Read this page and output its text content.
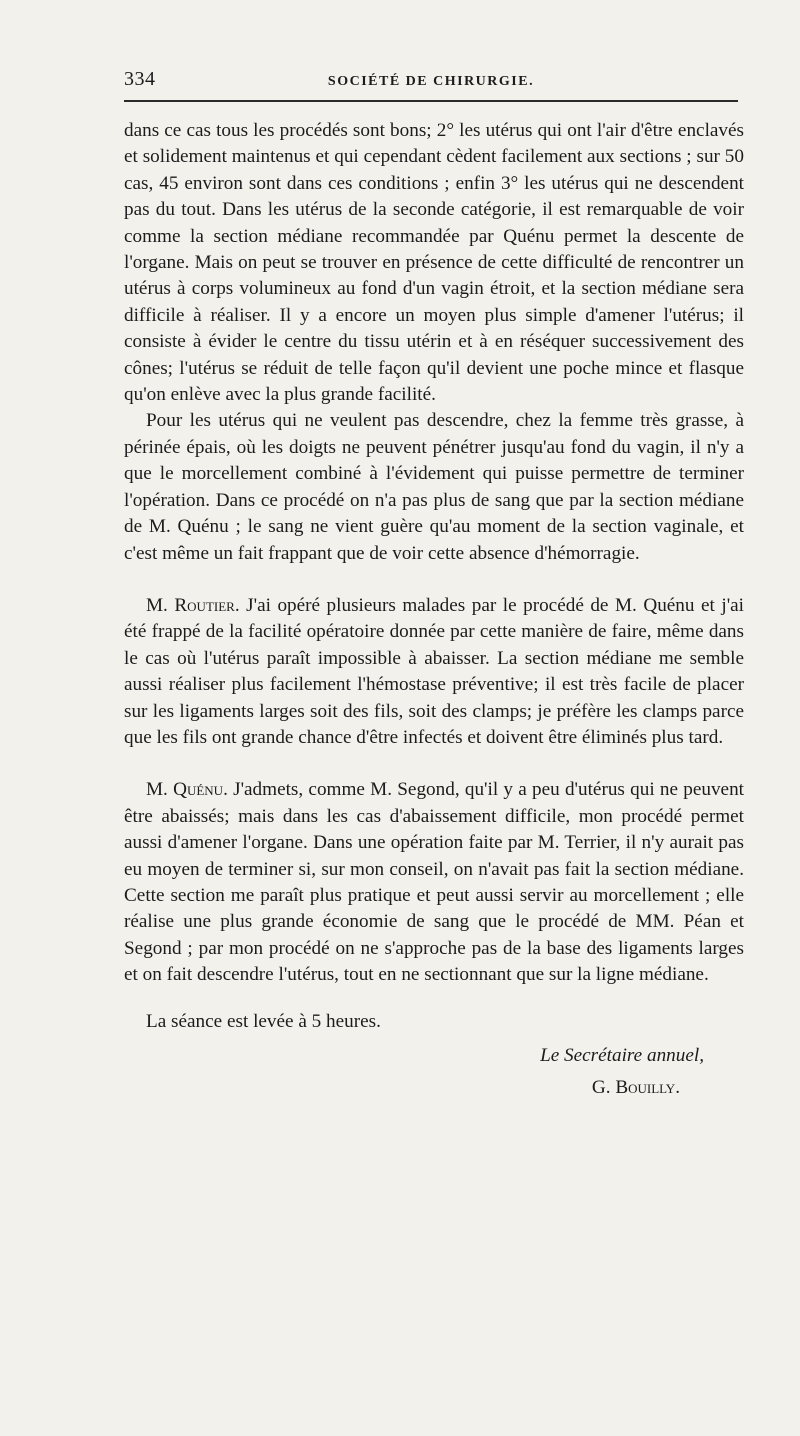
334	SOCIÉTÉ DE CHIRURGIE.

dans ce cas tous les procédés sont bons; 2° les utérus qui ont l'air d'être enclavés et solidement maintenus et qui cependant cèdent facilement aux sections ; sur 50 cas, 45 environ sont dans ces conditions ; enfin 3° les utérus qui ne descendent pas du tout. Dans les utérus de la seconde catégorie, il est remarquable de voir comme la section médiane recommandée par Quénu permet la descente de l'organe. Mais on peut se trouver en présence de cette difficulté de rencontrer un utérus à corps volumineux au fond d'un vagin étroit, et la section médiane sera difficile à réaliser. Il y a encore un moyen plus simple d'amener l'utérus; il consiste à évider le centre du tissu utérin et à en réséquer successivement des cônes; l'utérus se réduit de telle façon qu'il devient une poche mince et flasque qu'on enlève avec la plus grande facilité.

Pour les utérus qui ne veulent pas descendre, chez la femme très grasse, à périnée épais, où les doigts ne peuvent pénétrer jusqu'au fond du vagin, il n'y a que le morcellement combiné à l'évidement qui puisse permettre de terminer l'opération. Dans ce procédé on n'a pas plus de sang que par la section médiane de M. Quénu ; le sang ne vient guère qu'au moment de la section vaginale, et c'est même un fait frappant que de voir cette absence d'hémorragie.

M. Routier. J'ai opéré plusieurs malades par le procédé de M. Quénu et j'ai été frappé de la facilité opératoire donnée par cette manière de faire, même dans le cas où l'utérus paraît impossible à abaisser. La section médiane me semble aussi réaliser plus facilement l'hémostase préventive; il est très facile de placer sur les ligaments larges soit des fils, soit des clamps; je préfère les clamps parce que les fils ont grande chance d'être infectés et doivent être éliminés plus tard.

M. Quénu. J'admets, comme M. Segond, qu'il y a peu d'utérus qui ne peuvent être abaissés; mais dans les cas d'abaissement difficile, mon procédé permet aussi d'amener l'organe. Dans une opération faite par M. Terrier, il n'y aurait pas eu moyen de terminer si, sur mon conseil, on n'avait pas fait la section médiane. Cette section me paraît plus pratique et peut aussi servir au morcellement ; elle réalise une plus grande économie de sang que le procédé de MM. Péan et Segond ; par mon procédé on ne s'approche pas de la base des ligaments larges et on fait descendre l'utérus, tout en ne sectionnant que sur la ligne médiane.

La séance est levée à 5 heures.

Le Secrétaire annuel,

G. Bouilly.
